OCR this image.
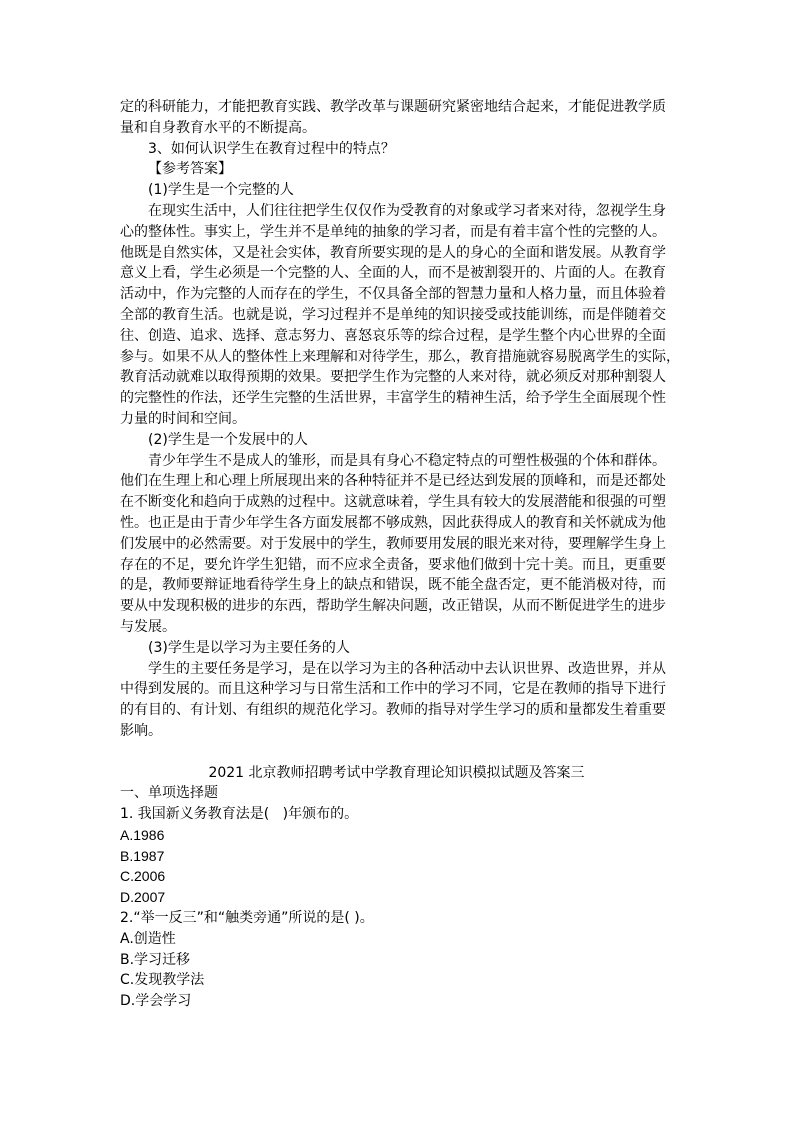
定的科研能力，才能把教育实践、教学改革与课题研究紧密地结合起来，才能促进教学质
量和自身教育水平的不断提高。
3、如何认识学生在教育过程中的特点？
【参考答案】
(1)学生是一个完整的人
在现实生活中，人们往往把学生仅仅作为受教育的对象或学习者来对待，忽视学生身
心的整体性。事实上，学生并不是单纯的抽象的学习者，而是有着丰富个性的完整的人。
他既是自然实体，又是社会实体，教育所要实现的是人的身心的全面和谐发展。从教育学
意义上看，学生必须是一个完整的人、全面的人，而不是被割裂开的、片面的人。在教育
活动中，作为完整的人而存在的学生，不仅具备全部的智慧力量和人格力量，而且体验着
全部的教育生活。也就是说，学习过程并不是单纯的知识接受或技能训练，而是伴随着交
往、创造、追求、选择、意志努力、喜怒哀乐等的综合过程，是学生整个内心世界的全面
参与。如果不从人的整体性上来理解和对待学生，那么，教育措施就容易脱离学生的实际，
教育活动就难以取得预期的效果。要把学生作为完整的人来对待，就必须反对那种割裂人
的完整性的作法，还学生完整的生活世界，丰富学生的精神生活，给予学生全面展现个性
力量的时间和空间。
(2)学生是一个发展中的人
青少年学生不是成人的雏形，而是具有身心不稳定特点的可塑性极强的个体和群体。
他们在生理上和心理上所展现出来的各种特征并不是已经达到发展的顶峰和，而是还都处
在不断变化和趋向于成熟的过程中。这就意味着，学生具有较大的发展潜能和很强的可塑
性。也正是由于青少年学生各方面发展都不够成熟，因此获得成人的教育和关怀就成为他
们发展中的必然需要。对于发展中的学生，教师要用发展的眼光来对待，要理解学生身上
存在的不足，要允许学生犯错，而不应求全责备，要求他们做到十完十美。而且，更重要
的是，教师要辩证地看待学生身上的缺点和错误，既不能全盘否定，更不能消极对待，而
要从中发现积极的进步的东西，帮助学生解决问题，改正错误，从而不断促进学生的进步
与发展。
(3)学生是以学习为主要任务的人
学生的主要任务是学习，是在以学习为主的各种活动中去认识世界、改造世界，并从
中得到发展的。而且这种学习与日常生活和工作中的学习不同，它是在教师的指导下进行
的有目的、有计划、有组织的规范化学习。教师的指导对学生学习的质和量都发生着重要
影响。
2021 北京教师招聘考试中学教育理论知识模拟试题及答案三
一、单项选择题
1. 我国新义务教育法是(   )年颁布的。
A.1986
B.1987
C.2006
D.2007
2.“举一反三”和“触类旁通”所说的是( )。
A.创造性
B.学习迁移
C.发现教学法
D.学会学习
